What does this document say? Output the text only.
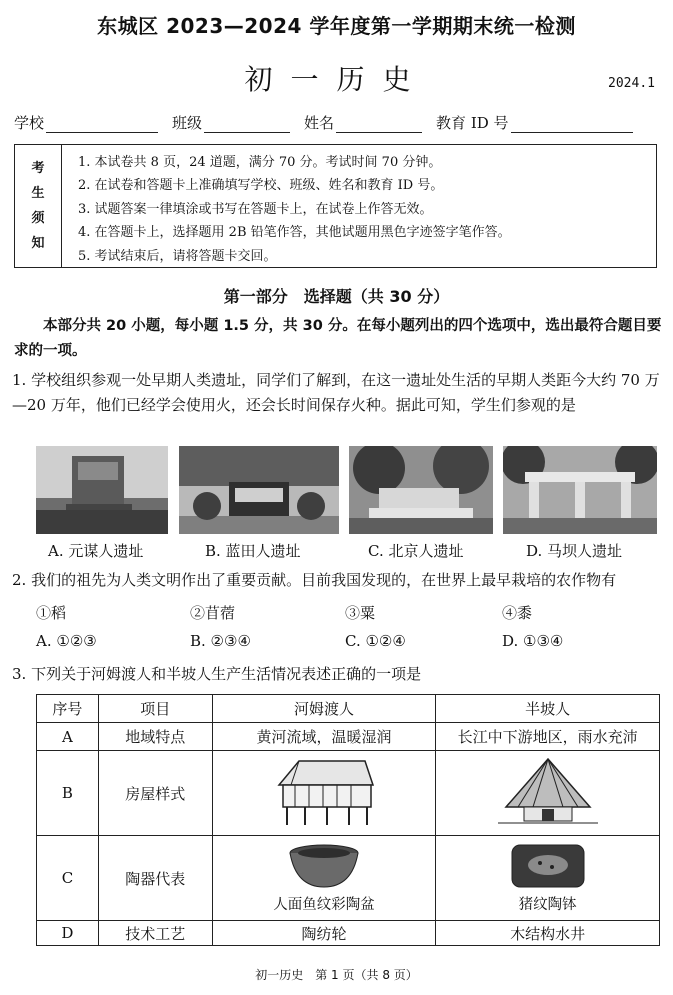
东城区 2023—2024 学年度第一学期期末统一检测
初一历史	2024.1
学校	班级	姓名	教育 ID 号
考
生
须
知
1. 本试卷共 8 页，24 道题，满分 70 分。考试时间 70 分钟。
2. 在试卷和答题卡上准确填写学校、班级、姓名和教育 ID 号。
3. 试题答案一律填涂或书写在答题卡上，在试卷上作答无效。
4. 在答题卡上，选择题用 2B 铅笔作答，其他试题用黑色字迹签字笔作答。
5. 考试结束后，请将答题卡交回。
第一部分　选择题（共 30 分）
本部分共 20 小题，每小题 1.5 分，共 30 分。在每小题列出的四个选项中，选出最符合题目要求的一项。
1. 学校组织参观一处早期人类遗址，同学们了解到，在这一遗址处生活的早期人类距今大约 70 万—20 万年，他们已经学会使用火，还会长时间保存火种。据此可知，学生们参观的是
A. 元谋人遗址	B. 蓝田人遗址	C. 北京人遗址	D. 马坝人遗址
2. 我们的祖先为人类文明作出了重要贡献。目前我国发现的，在世界上最早栽培的农作物有
①稻	②苜蓿	③粟	④黍
A. ①②③	B. ②③④	C. ①②④	D. ①③④
3. 下列关于河姆渡人和半坡人生产生活情况表述正确的一项是
序号	项目	河姆渡人	半坡人
A	地域特点	黄河流域，温暖湿润	长江中下游地区，雨水充沛
B	房屋样式		
C	陶器代表	人面鱼纹彩陶盆	猪纹陶钵

D	技术工艺	陶纺轮	木结构水井
初一历史　第 1 页（共 8 页）
